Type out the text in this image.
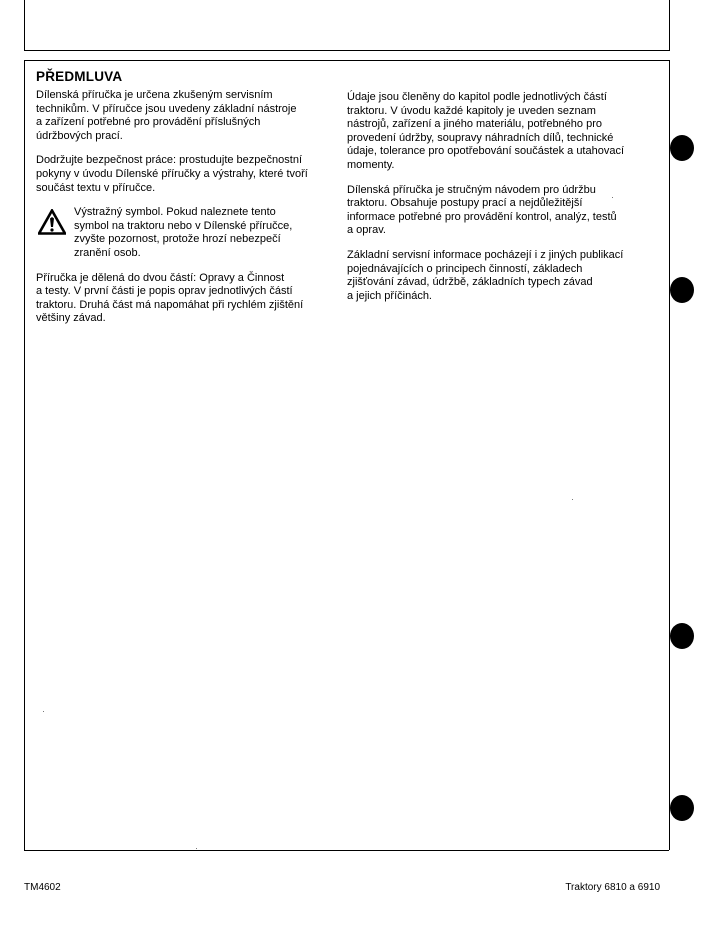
PŘEDMLUVA

Dílenská příručka je určena zkušeným servisním
technikům. V příručce jsou uvedeny základní nástroje
a zařízení potřebné pro provádění příslušných
údržbových prací.

Dodržujte bezpečnost práce: prostudujte bezpečnostní
pokyny v úvodu Dílenské příručky a výstrahy, které tvoří
součást textu v příručce.

Výstražný symbol. Pokud naleznete tento
symbol na traktoru nebo v Dílenské příručce,
zvyšte pozornost, protože hrozí nebezpečí
zranění osob.

Příručka je dělená do dvou částí: Opravy a Činnost
a testy. V první části je popis oprav jednotlivých částí
traktoru. Druhá část má napomáhat při rychlém zjištění
většiny závad.

Údaje jsou členěny do kapitol podle jednotlivých částí
traktoru. V úvodu každé kapitoly je uveden seznam
nástrojů, zařízení a jiného materiálu, potřebného pro
provedení údržby, soupravy náhradních dílů, technické
údaje, tolerance pro opotřebování součástek a utahovací
momenty.

Dílenská příručka je stručným návodem pro údržbu
traktoru. Obsahuje postupy prací a nejdůležitější
informace potřebné pro provádění kontrol, analýz, testů
a oprav.

Základní servisní informace pocházejí i z jiných publikací
pojednávajících o principech činností, základech
zjišťování závad, údržbě, základních typech závad
a jejich příčinách.

TM4602	Traktory 6810 a 6910
